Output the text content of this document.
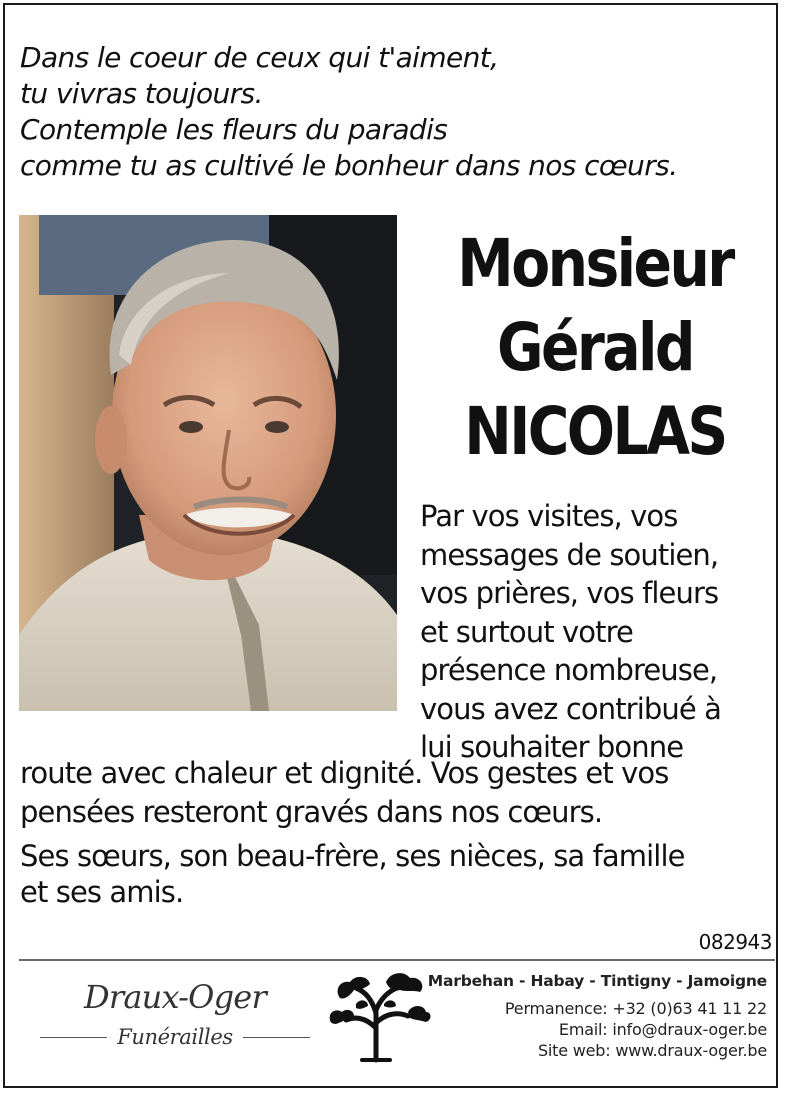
Dans le coeur de ceux qui t'aiment,
tu vivras toujours.
Contemple les fleurs du paradis
comme tu as cultivé le bonheur dans nos cœurs.
Monsieur
Gérald
NICOLAS
Par vos visites, vos
messages de soutien,
vos prières, vos fleurs
et surtout votre
présence nombreuse,
vous avez contribué à
lui souhaiter bonne
route avec chaleur et dignité. Vos gestes et vos
pensées resteront gravés dans nos cœurs.
Ses sœurs, son beau-frère, ses nièces, sa famille
et ses amis.
082943
Draux-Oger
Funérailles
Marbehan - Habay - Tintigny - Jamoigne
Permanence: +32 (0)63 41 11 22
Email: info@draux-oger.be
Site web: www.draux-oger.be
